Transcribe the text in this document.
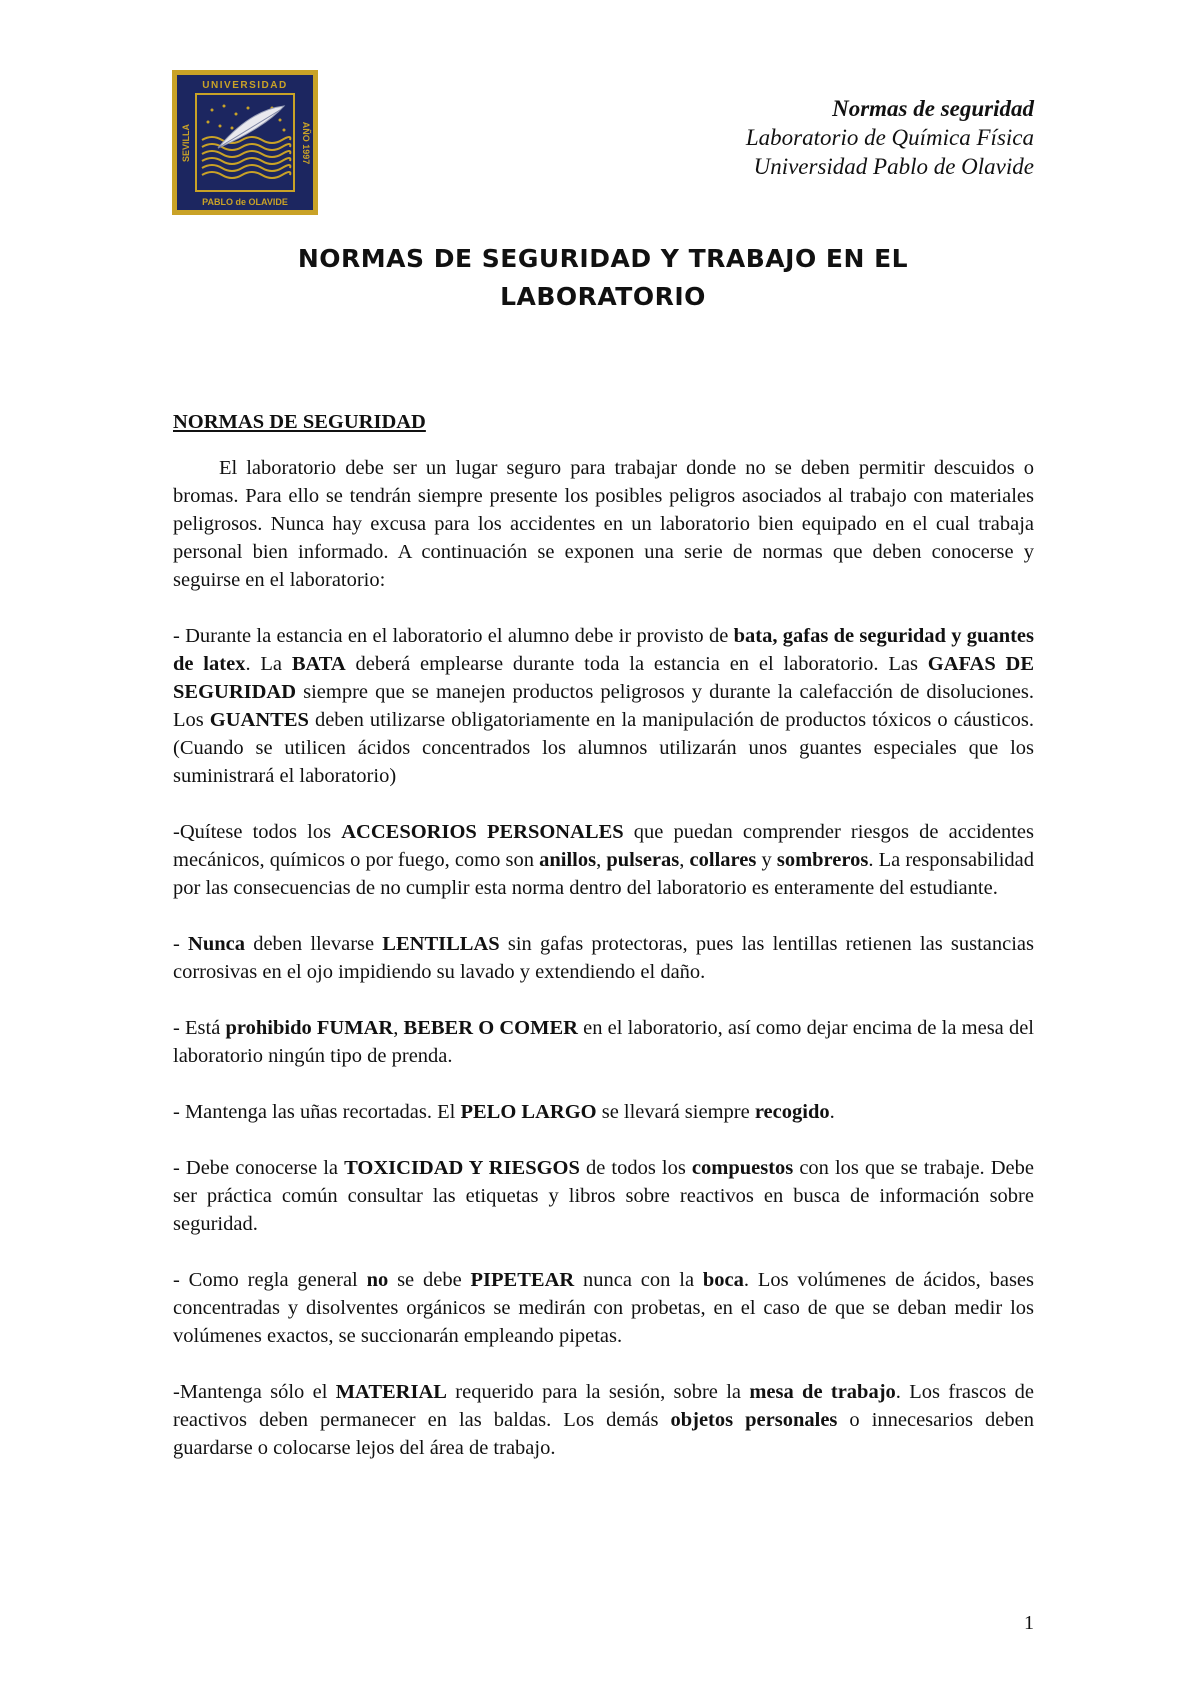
UNIVERSIDAD
PABLO de OLAVIDE
SEVILLA	AÑO 1997
Normas de seguridad
Laboratorio de Química Física
Universidad Pablo de Olavide
NORMAS DE SEGURIDAD Y TRABAJO EN EL
LABORATORIO
NORMAS DE SEGURIDAD

El laboratorio debe ser un lugar seguro para trabajar donde no se deben permitir descuidos o bromas. Para ello se tendrán siempre presente los posibles peligros asociados al trabajo con materiales peligrosos. Nunca hay excusa para los accidentes en un laboratorio bien equipado en el cual trabaja personal bien informado. A continuación se exponen una serie de normas que deben conocerse y seguirse en el laboratorio:

- Durante la estancia en el laboratorio el alumno debe ir provisto de bata, gafas de seguridad y guantes de latex. La BATA deberá emplearse durante toda la estancia en el laboratorio. Las GAFAS DE SEGURIDAD siempre que se manejen productos peligrosos y durante la calefacción de disoluciones. Los GUANTES deben utilizarse obligatoriamente en la manipulación de productos tóxicos o cáusticos. (Cuando se utilicen ácidos concentrados los alumnos utilizarán unos guantes especiales que los suministrará el laboratorio)

-Quítese todos los ACCESORIOS PERSONALES que puedan comprender riesgos de accidentes mecánicos, químicos o por fuego, como son anillos, pulseras, collares y sombreros. La responsabilidad por las consecuencias de no cumplir esta norma dentro del laboratorio es enteramente del estudiante.

- Nunca deben llevarse LENTILLAS sin gafas protectoras, pues las lentillas retienen las sustancias corrosivas en el ojo impidiendo su lavado y extendiendo el daño.

- Está prohibido FUMAR, BEBER O COMER en el laboratorio, así como dejar encima de la mesa del laboratorio ningún tipo de prenda.

- Mantenga las uñas recortadas. El PELO LARGO se llevará siempre recogido.

- Debe conocerse la TOXICIDAD Y RIESGOS de todos los compuestos con los que se trabaje. Debe ser práctica común consultar las etiquetas y libros sobre reactivos en busca de información sobre seguridad.

- Como regla general no se debe PIPETEAR nunca con la boca. Los volúmenes de ácidos, bases concentradas y disolventes orgánicos se medirán con probetas, en el caso de que se deban medir los volúmenes exactos, se succionarán empleando pipetas.

-Mantenga sólo el MATERIAL requerido para la sesión, sobre la mesa de trabajo. Los frascos de reactivos deben permanecer en las baldas. Los demás objetos personales o innecesarios deben guardarse o colocarse lejos del área de trabajo.

1
